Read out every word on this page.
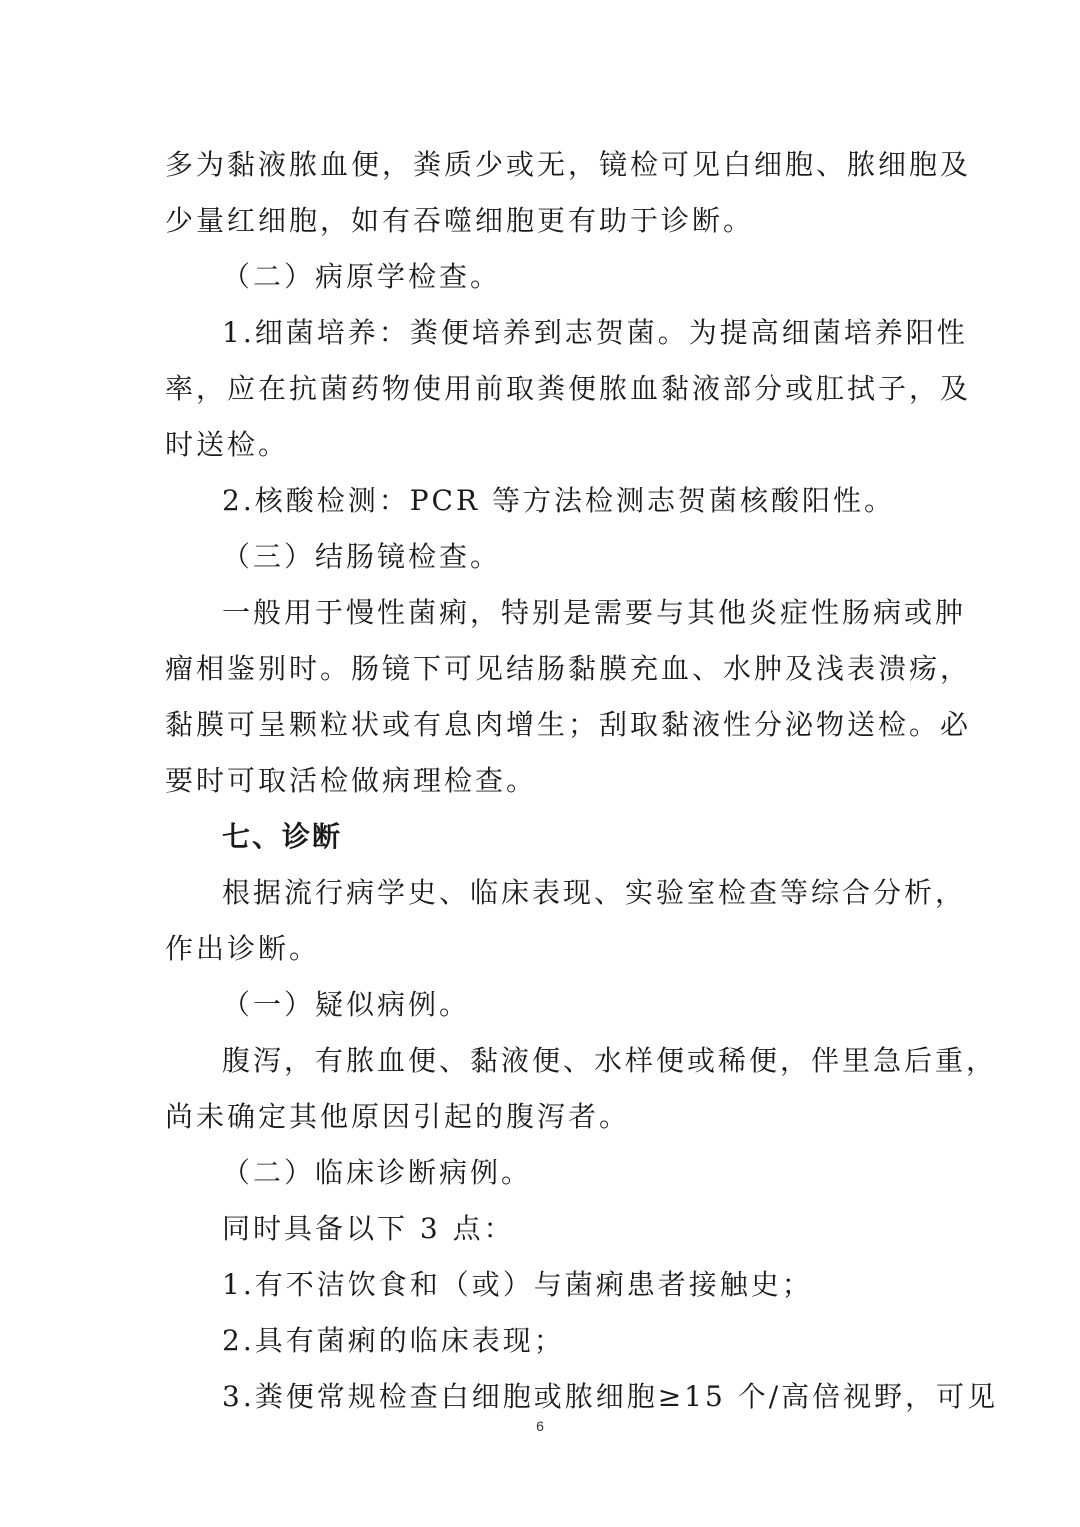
多为黏液脓血便，粪质少或无，镜检可见白细胞、脓细胞及
少量红细胞，如有吞噬细胞更有助于诊断。
（二）病原学检查。
1.细菌培养：粪便培养到志贺菌。为提高细菌培养阳性
率，应在抗菌药物使用前取粪便脓血黏液部分或肛拭子，及
时送检。
2.核酸检测：PCR 等方法检测志贺菌核酸阳性。
（三）结肠镜检查。
一般用于慢性菌痢，特别是需要与其他炎症性肠病或肿
瘤相鉴别时。肠镜下可见结肠黏膜充血、水肿及浅表溃疡，
黏膜可呈颗粒状或有息肉增生；刮取黏液性分泌物送检。必
要时可取活检做病理检查。
七、诊断
根据流行病学史、临床表现、实验室检查等综合分析，
作出诊断。
（一）疑似病例。
腹泻，有脓血便、黏液便、水样便或稀便，伴里急后重，
尚未确定其他原因引起的腹泻者。
（二）临床诊断病例。
同时具备以下 3 点：
1.有不洁饮食和（或）与菌痢患者接触史；
2.具有菌痢的临床表现；
3.粪便常规检查白细胞或脓细胞≥15 个/高倍视野，可见
6
